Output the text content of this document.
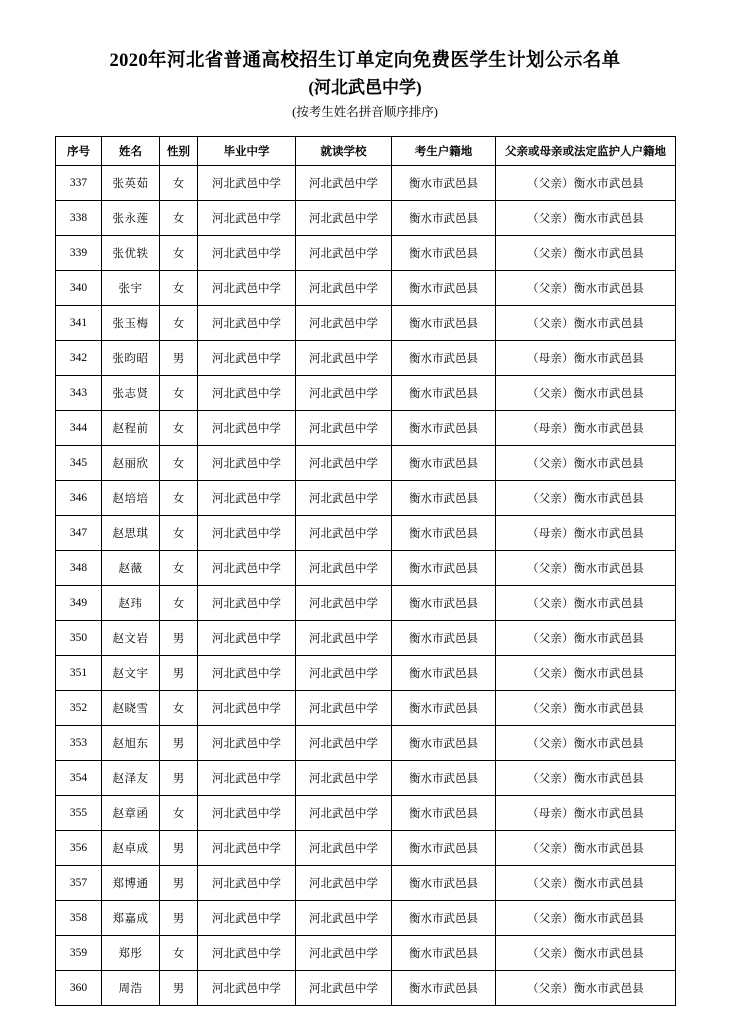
2020年河北省普通高校招生订单定向免费医学生计划公示名单
(河北武邑中学)
(按考生姓名拼音顺序排序)
序号	姓名	性别	毕业中学	就读学校	考生户籍地	父亲或母亲或法定监护人户籍地
337	张英茹	女	河北武邑中学	河北武邑中学	衡水市武邑县	（父亲）衡水市武邑县
338	张永莲	女	河北武邑中学	河北武邑中学	衡水市武邑县	（父亲）衡水市武邑县
339	张优轶	女	河北武邑中学	河北武邑中学	衡水市武邑县	（父亲）衡水市武邑县
340	张宇	女	河北武邑中学	河北武邑中学	衡水市武邑县	（父亲）衡水市武邑县
341	张玉梅	女	河北武邑中学	河北武邑中学	衡水市武邑县	（父亲）衡水市武邑县
342	张昀昭	男	河北武邑中学	河北武邑中学	衡水市武邑县	（母亲）衡水市武邑县
343	张志贤	女	河北武邑中学	河北武邑中学	衡水市武邑县	（父亲）衡水市武邑县
344	赵程前	女	河北武邑中学	河北武邑中学	衡水市武邑县	（母亲）衡水市武邑县
345	赵丽欣	女	河北武邑中学	河北武邑中学	衡水市武邑县	（父亲）衡水市武邑县
346	赵培培	女	河北武邑中学	河北武邑中学	衡水市武邑县	（父亲）衡水市武邑县
347	赵思琪	女	河北武邑中学	河北武邑中学	衡水市武邑县	（母亲）衡水市武邑县
348	赵薇	女	河北武邑中学	河北武邑中学	衡水市武邑县	（父亲）衡水市武邑县
349	赵玮	女	河北武邑中学	河北武邑中学	衡水市武邑县	（父亲）衡水市武邑县
350	赵文岩	男	河北武邑中学	河北武邑中学	衡水市武邑县	（父亲）衡水市武邑县
351	赵文宇	男	河北武邑中学	河北武邑中学	衡水市武邑县	（父亲）衡水市武邑县
352	赵晓雪	女	河北武邑中学	河北武邑中学	衡水市武邑县	（父亲）衡水市武邑县
353	赵旭东	男	河北武邑中学	河北武邑中学	衡水市武邑县	（父亲）衡水市武邑县
354	赵泽友	男	河北武邑中学	河北武邑中学	衡水市武邑县	（父亲）衡水市武邑县
355	赵章函	女	河北武邑中学	河北武邑中学	衡水市武邑县	（母亲）衡水市武邑县
356	赵卓成	男	河北武邑中学	河北武邑中学	衡水市武邑县	（父亲）衡水市武邑县
357	郑博通	男	河北武邑中学	河北武邑中学	衡水市武邑县	（父亲）衡水市武邑县
358	郑嘉成	男	河北武邑中学	河北武邑中学	衡水市武邑县	（父亲）衡水市武邑县
359	郑彤	女	河北武邑中学	河北武邑中学	衡水市武邑县	（父亲）衡水市武邑县
360	周浩	男	河北武邑中学	河北武邑中学	衡水市武邑县	（父亲）衡水市武邑县
